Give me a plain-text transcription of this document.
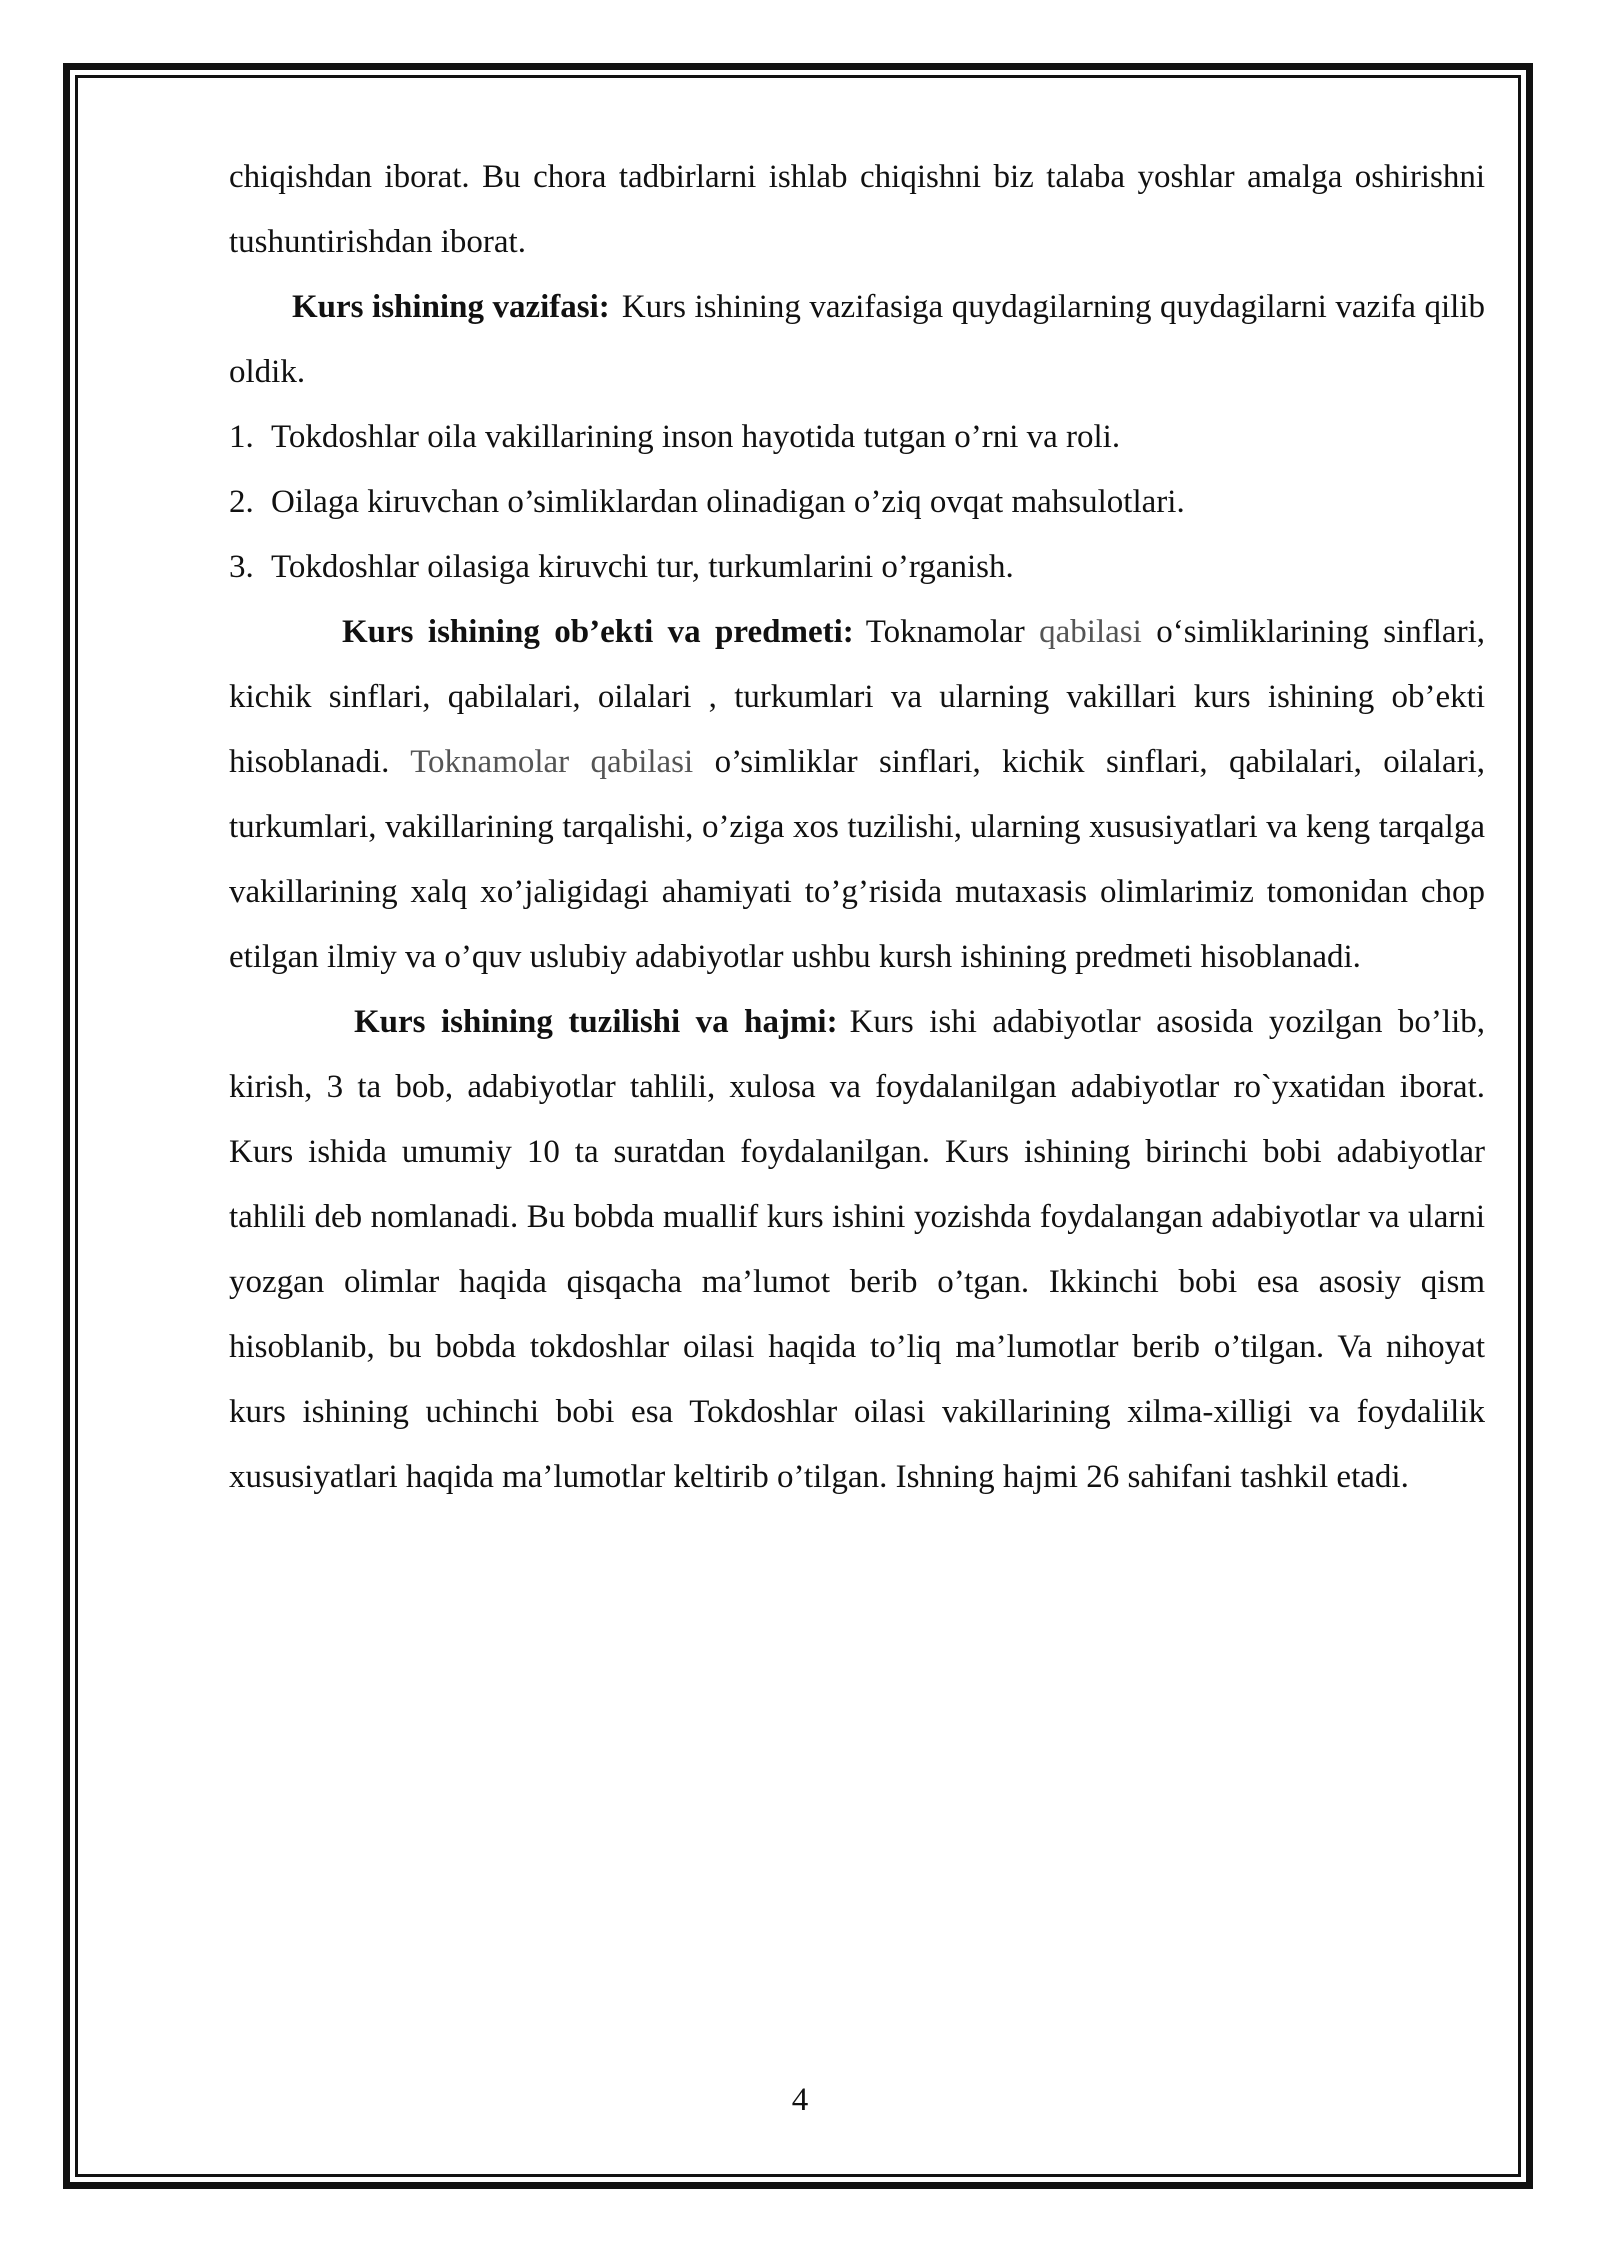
chiqishdan iborat. Bu chora tadbirlarni ishlab chiqishni biz talaba yoshlar amalga oshirishni tushuntirishdan iborat.

Kurs ishining vazifasi: Kurs ishining vazifasiga quydagilarning quydagilarni vazifa qilib oldik.

1. Tokdoshlar oila vakillarining inson hayotida tutgan o’rni va roli.
2. Oilaga kiruvchan o’simliklardan olinadigan o’ziq ovqat mahsulotlari.
3. Tokdoshlar oilasiga kiruvchi tur, turkumlarini o’rganish.

Kurs ishining ob’ekti va predmeti: Toknamolar qabilasi o‘simliklarining sinflari, kichik sinflari, qabilalari, oilalari , turkumlari va ularning vakillari kurs ishining ob’ekti hisoblanadi. Toknamolar qabilasi o’simliklar sinflari, kichik sinflari, qabilalari, oilalari, turkumlari, vakillarining tarqalishi, o’ziga xos tuzilishi, ularning xususiyatlari va keng tarqalga vakillarining xalq xo’jaligidagi ahamiyati to’g’risida mutaxasis olimlarimiz tomonidan chop etilgan ilmiy va o’quv uslubiy adabiyotlar ushbu kursh ishining predmeti hisoblanadi.

Kurs ishining tuzilishi va hajmi: Kurs ishi adabiyotlar asosida yozilgan bo’lib, kirish, 3 ta bob, adabiyotlar tahlili, xulosa va foydalanilgan adabiyotlar ro`yxatidan iborat. Kurs ishida umumiy 10 ta suratdan foydalanilgan. Kurs ishining birinchi bobi adabiyotlar tahlili deb nomlanadi. Bu bobda muallif kurs ishini yozishda foydalangan adabiyotlar va ularni yozgan olimlar haqida qisqacha ma’lumot berib o’tgan. Ikkinchi bobi esa asosiy qism hisoblanib, bu bobda tokdoshlar oilasi haqida to’liq ma’lumotlar berib o’tilgan. Va nihoyat kurs ishining uchinchi bobi esa Tokdoshlar oilasi vakillarining xilma-xilligi va foydalilik xususiyatlari haqida ma’lumotlar keltirib o’tilgan. Ishning hajmi 26 sahifani tashkil etadi.

4
